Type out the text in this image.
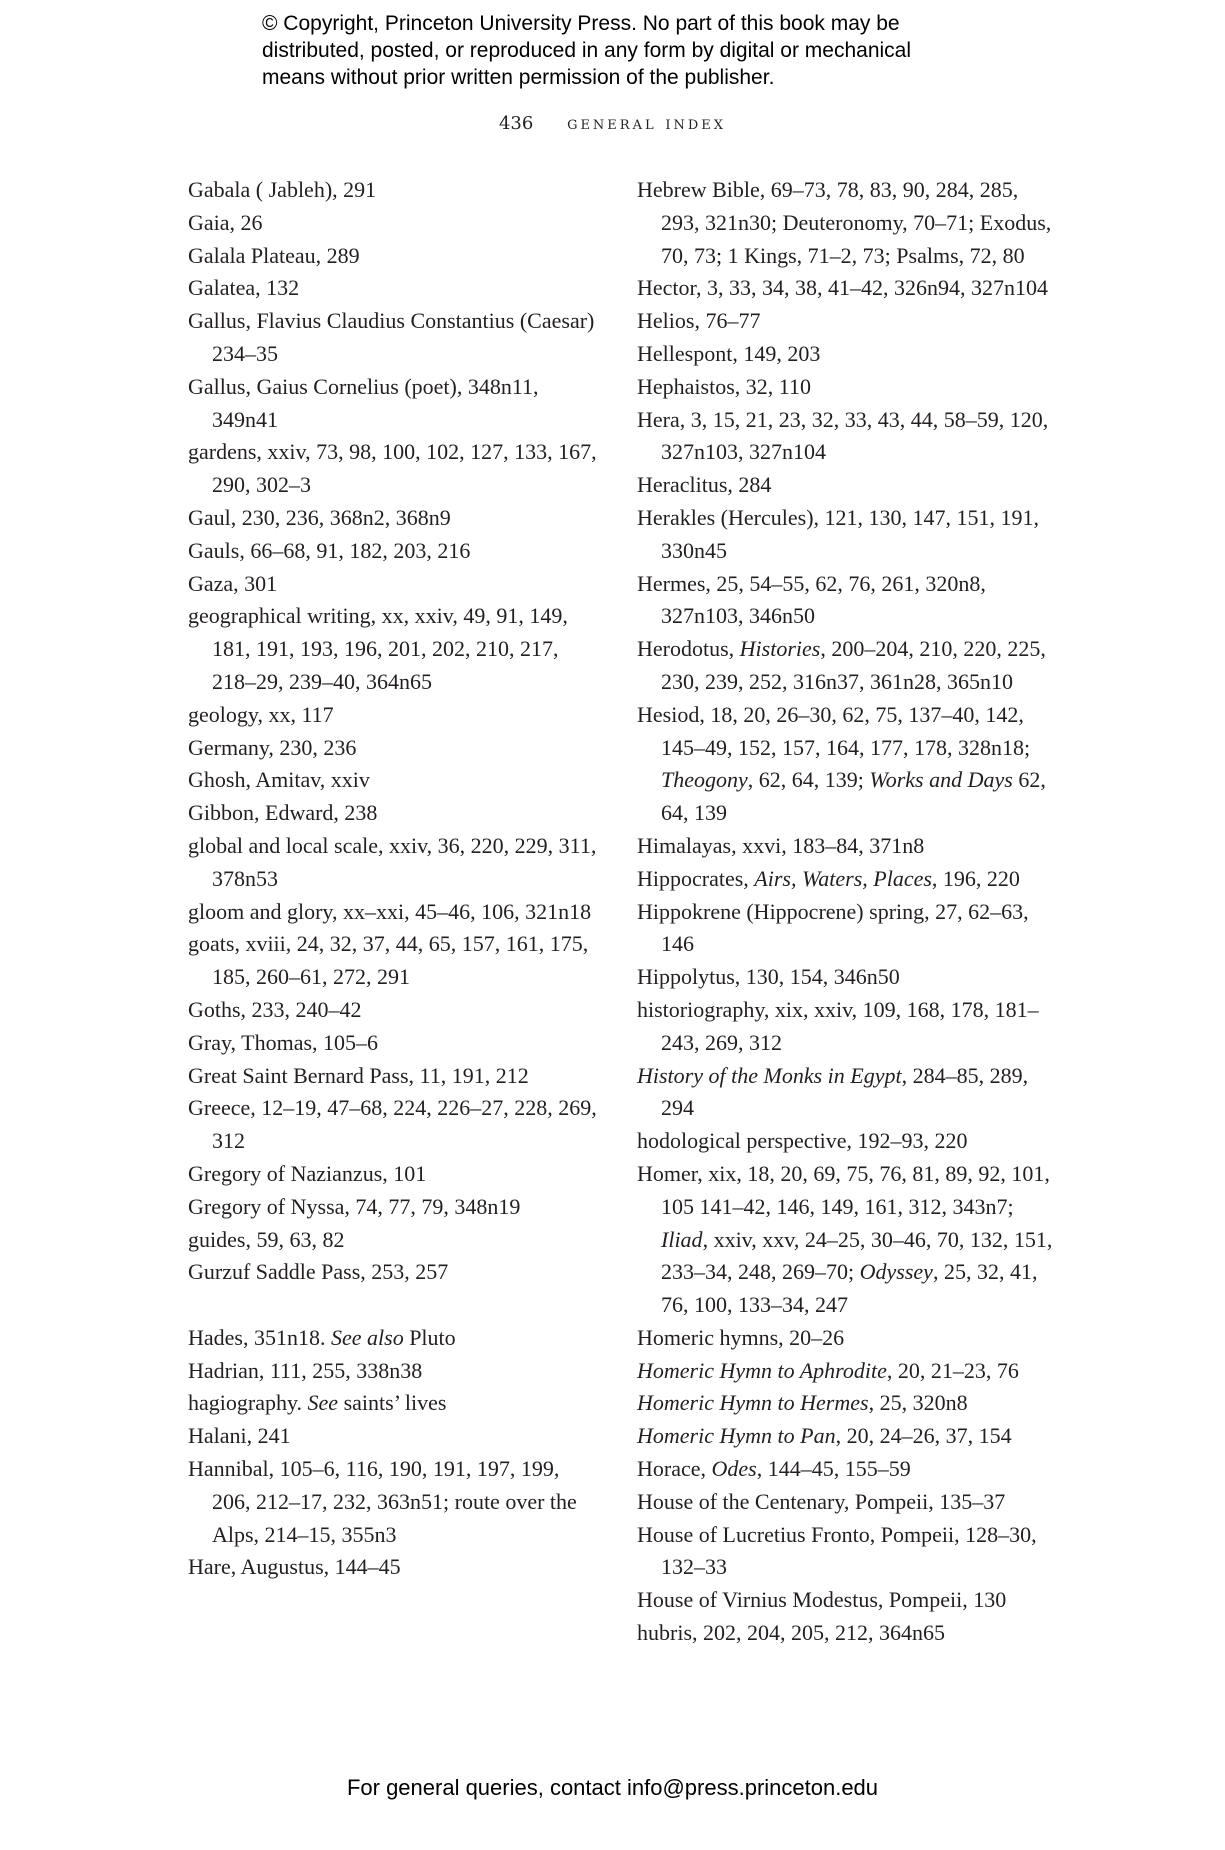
© Copyright, Princeton University Press. No part of this book may be
distributed, posted, or reproduced in any form by digital or mechanical
means without prior written permission of the publisher.
436 general index

Gabala ( Jableh), 291

Gaia, 26

Galala Plateau, 289

Galatea, 132

Gallus, Flavius Claudius Constantius (Caesar) 234–35

Gallus, Gaius Cornelius (poet), 348n11, 349n41

gardens, xxiv, 73, 98, 100, 102, 127, 133, 167, 290, 302–3

Gaul, 230, 236, 368n2, 368n9

Gauls, 66–68, 91, 182, 203, 216

Gaza, 301

geographical writing, xx, xxiv, 49, 91, 149, 181, 191, 193, 196, 201, 202, 210, 217, 218–29, 239–40, 364n65

geology, xx, 117

Germany, 230, 236

Ghosh, Amitav, xxiv

Gibbon, Edward, 238

global and local scale, xxiv, 36, 220, 229, 311, 378n53

gloom and glory, xx–xxi, 45–46, 106, 321n18

goats, xviii, 24, 32, 37, 44, 65, 157, 161, 175, 185, 260–61, 272, 291

Goths, 233, 240–42

Gray, Thomas, 105–6

Great Saint Bernard Pass, 11, 191, 212

Greece, 12–19, 47–68, 224, 226–27, 228, 269, 312

Gregory of Nazianzus, 101

Gregory of Nyssa, 74, 77, 79, 348n19

guides, 59, 63, 82

Gurzuf Saddle Pass, 253, 257

Hades, 351n18. See also Pluto

Hadrian, 111, 255, 338n38

hagiography. See saints’ lives

Halani, 241

Hannibal, 105–6, 116, 190, 191, 197, 199, 206, 212–17, 232, 363n51; route over the Alps, 214–15, 355n3

Hare, Augustus, 144–45

Hebrew Bible, 69–73, 78, 83, 90, 284, 285, 293, 321n30; Deuteronomy, 70–71; Exodus, 70, 73; 1 Kings, 71–2, 73; Psalms, 72, 80

Hector, 3, 33, 34, 38, 41–42, 326n94, 327n104

Helios, 76–77

Hellespont, 149, 203

Hephaistos, 32, 110

Hera, 3, 15, 21, 23, 32, 33, 43, 44, 58–59, 120, 327n103, 327n104

Heraclitus, 284

Herakles (Hercules), 121, 130, 147, 151, 191, 330n45

Hermes, 25, 54–55, 62, 76, 261, 320n8, 327n103, 346n50

Herodotus, Histories, 200–204, 210, 220, 225, 230, 239, 252, 316n37, 361n28, 365n10

Hesiod, 18, 20, 26–30, 62, 75, 137–40, 142, 145–49, 152, 157, 164, 177, 178, 328n18; Theogony, 62, 64, 139; Works and Days 62, 64, 139

Himalayas, xxvi, 183–84, 371n8

Hippocrates, Airs, Waters, Places, 196, 220

Hippokrene (Hippocrene) spring, 27, 62–63, 146

Hippolytus, 130, 154, 346n50

historiography, xix, xxiv, 109, 168, 178, 181–243, 269, 312

History of the Monks in Egypt, 284–85, 289, 294

hodological perspective, 192–93, 220

Homer, xix, 18, 20, 69, 75, 76, 81, 89, 92, 101, 105 141–42, 146, 149, 161, 312, 343n7; Iliad, xxiv, xxv, 24–25, 30–46, 70, 132, 151, 233–34, 248, 269–70; Odyssey, 25, 32, 41, 76, 100, 133–34, 247

Homeric hymns, 20–26

Homeric Hymn to Aphrodite, 20, 21–23, 76

Homeric Hymn to Hermes, 25, 320n8

Homeric Hymn to Pan, 20, 24–26, 37, 154

Horace, Odes, 144–45, 155–59

House of the Centenary, Pompeii, 135–37

House of Lucretius Fronto, Pompeii, 128–30, 132–33

House of Virnius Modestus, Pompeii, 130

hubris, 202, 204, 205, 212, 364n65

For general queries, contact info@press.princeton.edu
